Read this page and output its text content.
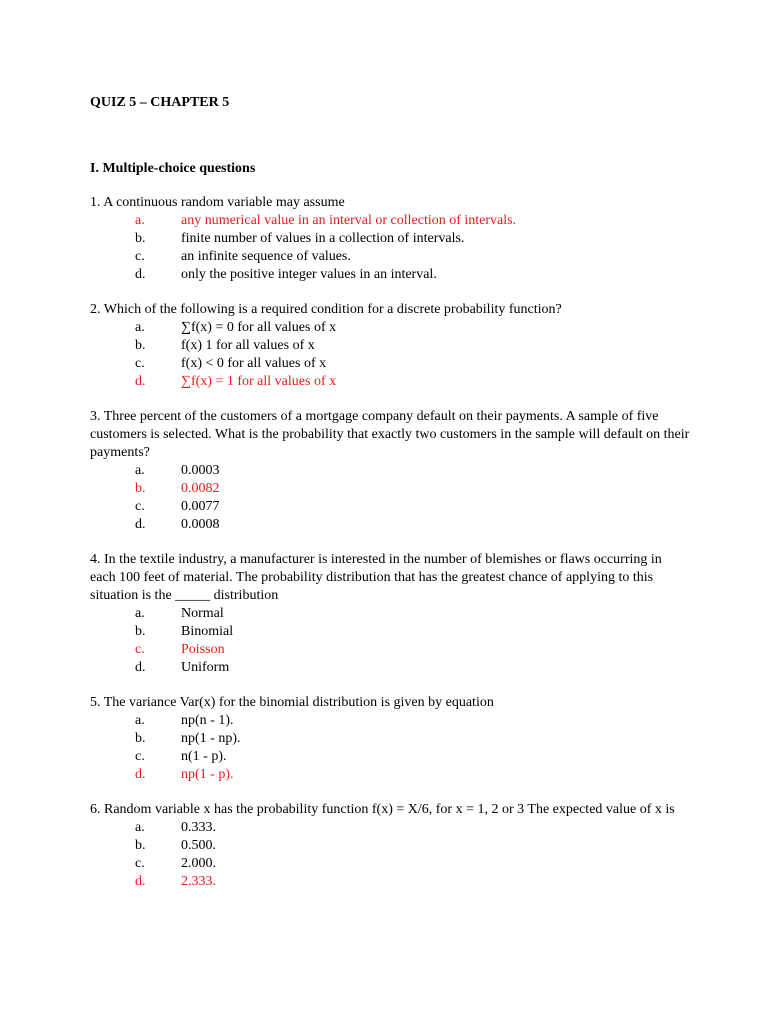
QUIZ 5 – CHAPTER 5
I. Multiple-choice questions
1. A continuous random variable may assume
a.	any numerical value in an interval or collection of intervals.
b.	finite number of values in a collection of intervals.
c.	an infinite sequence of values.
d.	only the positive integer values in an interval.
2. Which of the following is a required condition for a discrete probability function?
a.	∑f(x) = 0 for all values of x
b.	f(x) 1 for all values of x
c.	f(x) < 0 for all values of x
d.	∑f(x) = 1 for all values of x
3. Three percent of the customers of a mortgage company default on their payments. A sample of five customers is selected. What is the probability that exactly two customers in the sample will default on their payments?
a.	0.0003
b.	0.0082
c.	0.0077
d.	0.0008
4. In the textile industry, a manufacturer is interested in the number of blemishes or flaws occurring in each 100 feet of material. The probability distribution that has the greatest chance of applying to this situation is the _____ distribution
a.	Normal
b.	Binomial
c.	Poisson
d.	Uniform
5. The variance Var(x) for the binomial distribution is given by equation
a.	np(n - 1).
b.	np(1 - np).
c.	n(1 - p).
d.	np(1 - p).
6. Random variable x has the probability function f(x) = X/6, for x = 1, 2 or 3 The expected value of x is
a.	0.333.
b.	0.500.
c.	2.000.
d.	2.333.
